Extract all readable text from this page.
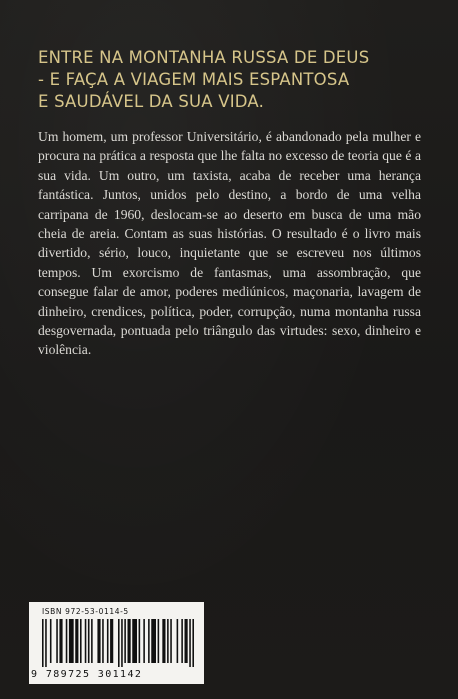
ENTRE NA MONTANHA RUSSA DE DEUS
- E FAÇA A VIAGEM MAIS ESPANTOSA
E SAUDÁVEL DA SUA VIDA.

Um homem, um professor Universitário, é abandonado pela mulher e procura na prática a resposta que lhe falta no excesso de teoria que é a sua vida. Um outro, um taxista, acaba de receber uma herança fantástica. Juntos, unidos pelo destino, a bordo de uma velha carripana de 1960, deslocam-se ao deserto em busca de uma mão cheia de areia. Contam as suas histórias. O resultado é o livro mais divertido, sério, louco, inquietante que se escreveu nos últimos tempos. Um exorcismo de fantasmas, uma assombração, que consegue falar de amor, poderes mediúnicos, maçonaria, lavagem de dinheiro, crendices, política, poder, corrupção, numa montanha russa desgovernada, pontuada pelo triângulo das virtudes: sexo, dinheiro e violência.

ISBN 972-53-0114-5

9 789725 301142
